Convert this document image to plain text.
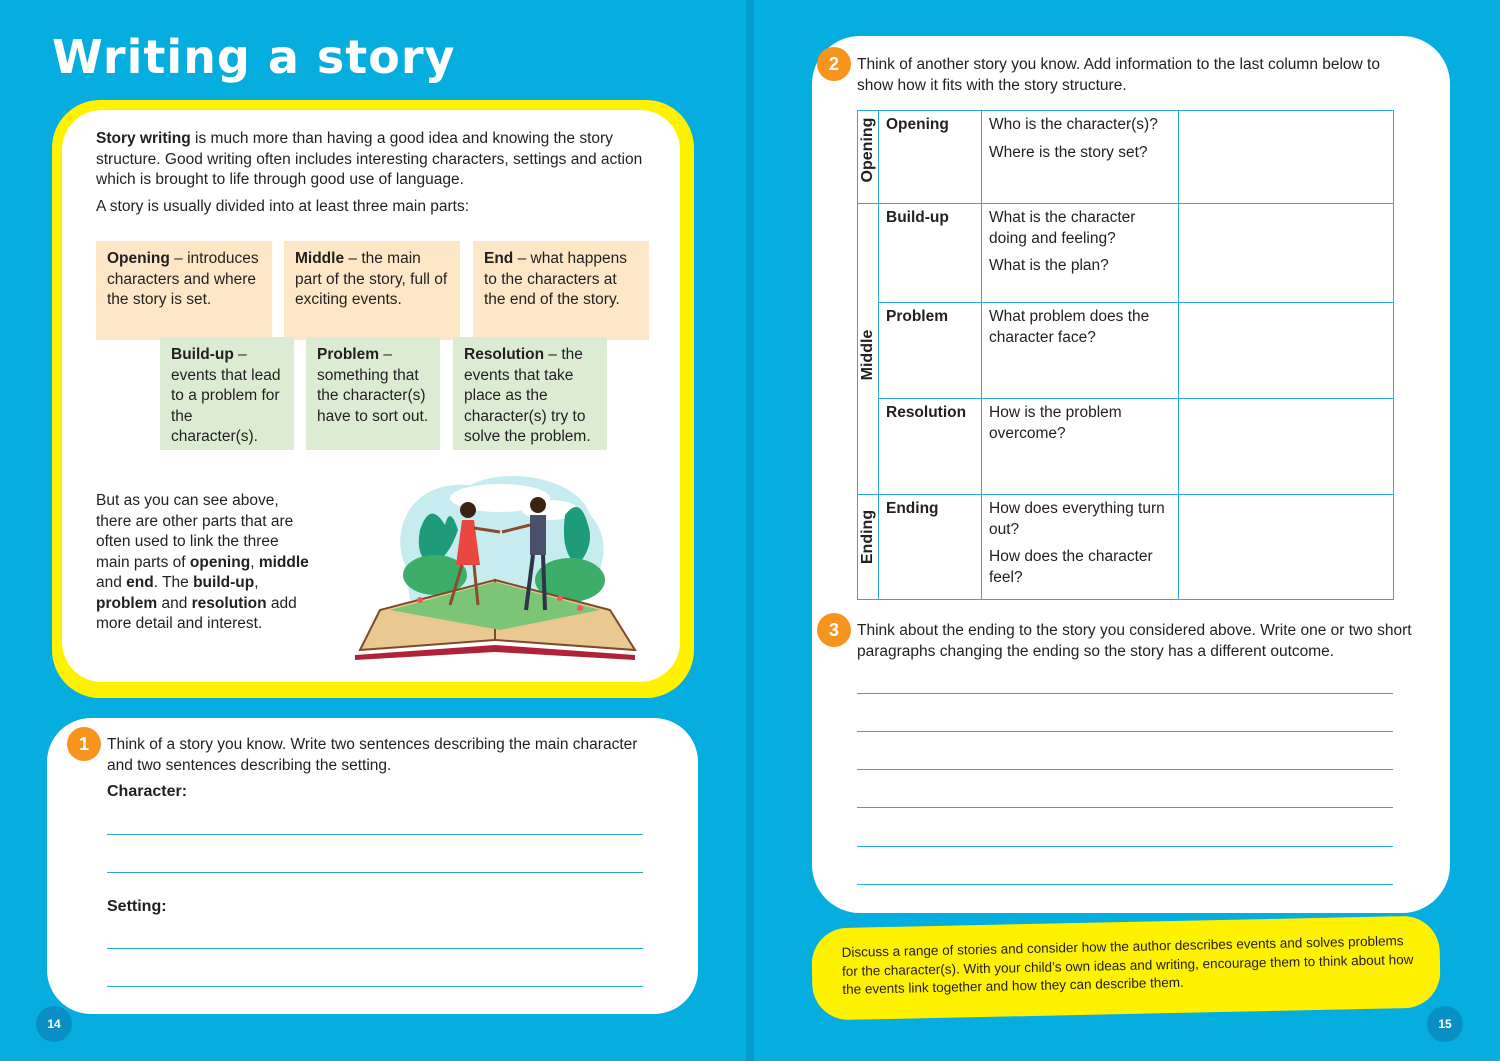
Writing a story

Story writing is much more than having a good idea and knowing the story structure. Good writing often includes interesting characters, settings and action which is brought to life through good use of language.

A story is usually divided into at least three main parts:

Opening – introduces characters and where the story is set.
Middle – the main part of the story, full of exciting events.
End – what happens to the characters at the end of the story.
Build-up – events that lead to a problem for the character(s).
Problem – something that the character(s) have to sort out.
Resolution – the events that take place as the character(s) try to solve the problem.

But as you can see above, there are other parts that are often used to link the three main parts of opening, middle and end. The build-up, problem and resolution add more detail and interest.

1	Think of a story you know. Write two sentences describing the main character and two sentences describing the setting.

Character:
Setting:
14
2	Think of another story you know. Add information to the last column below to show how it fits with the story structure.

Opening	Opening	Who is the character(s)?

Where is the story set?	

Middle	Build-up	What is the character doing and feeling?

What is the plan?	

	Problem	What problem does the character face?	

	Resolution	How is the problem overcome?	

Ending	Ending	How does everything turn out?

How does the character feel?	

3	Think about the ending to the story you considered above. Write one or two short paragraphs changing the ending so the story has a different outcome.

Discuss a range of stories and consider how the author describes events and solves problems for the character(s). With your child’s own ideas and writing, encourage them to think about how the events link together and how they can describe them.

15
